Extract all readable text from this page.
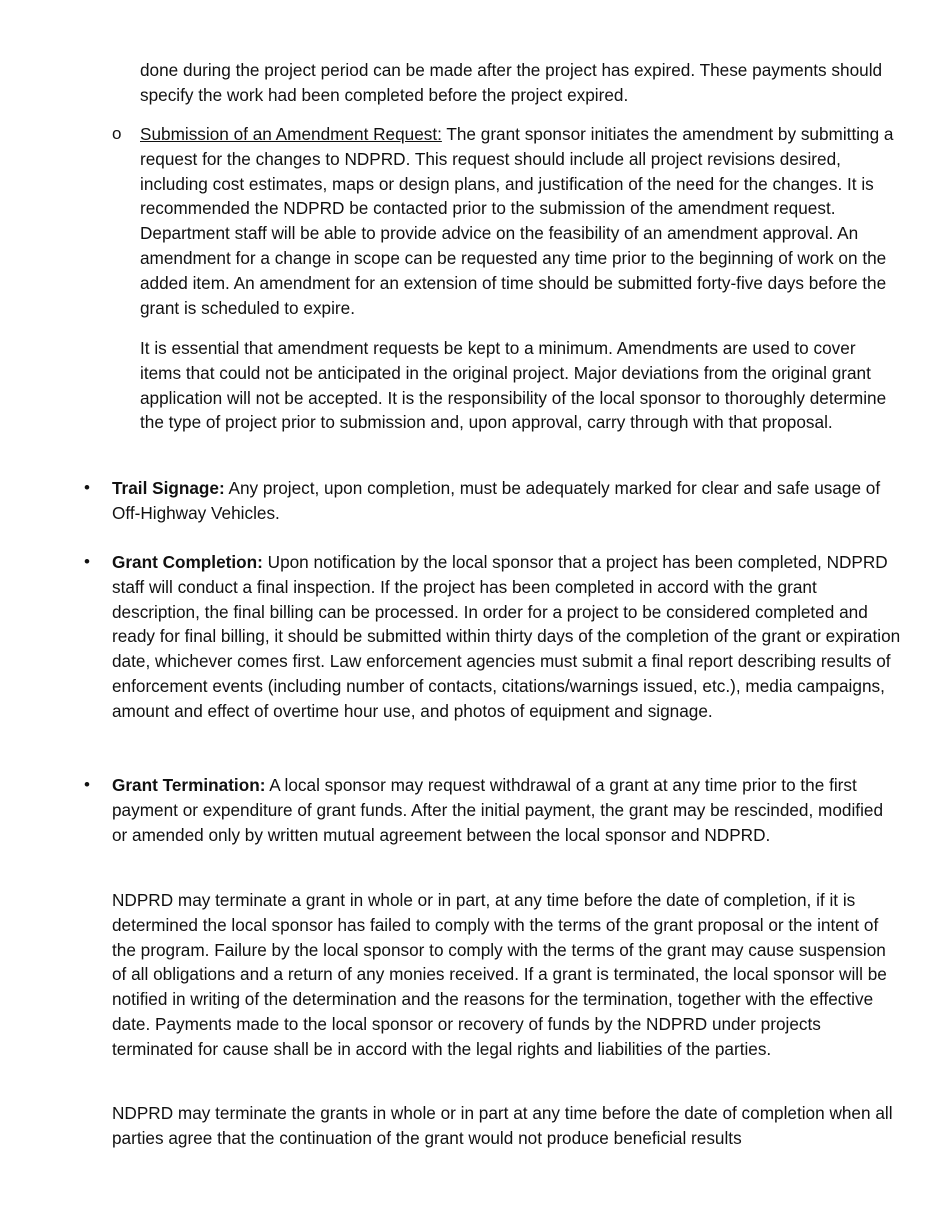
done during the project period can be made after the project has expired. These payments should specify the work had been completed before the project expired.

o Submission of an Amendment Request: The grant sponsor initiates the amendment by submitting a request for the changes to NDPRD. This request should include all project revisions desired, including cost estimates, maps or design plans, and justification of the need for the changes. It is recommended the NDPRD be contacted prior to the submission of the amendment request. Department staff will be able to provide advice on the feasibility of an amendment approval. An amendment for a change in scope can be requested any time prior to the beginning of work on the added item. An amendment for an extension of time should be submitted forty-five days before the grant is scheduled to expire.

It is essential that amendment requests be kept to a minimum. Amendments are used to cover items that could not be anticipated in the original project. Major deviations from the original grant application will not be accepted. It is the responsibility of the local sponsor to thoroughly determine the type of project prior to submission and, upon approval, carry through with that proposal.

• Trail Signage: Any project, upon completion, must be adequately marked for clear and safe usage of Off-Highway Vehicles.

• Grant Completion: Upon notification by the local sponsor that a project has been completed, NDPRD staff will conduct a final inspection. If the project has been completed in accord with the grant description, the final billing can be processed. In order for a project to be considered completed and ready for final billing, it should be submitted within thirty days of the completion of the grant or expiration date, whichever comes first. Law enforcement agencies must submit a final report describing results of enforcement events (including number of contacts, citations/warnings issued, etc.), media campaigns, amount and effect of overtime hour use, and photos of equipment and signage.

• Grant Termination: A local sponsor may request withdrawal of a grant at any time prior to the first payment or expenditure of grant funds. After the initial payment, the grant may be rescinded, modified or amended only by written mutual agreement between the local sponsor and NDPRD.

NDPRD may terminate a grant in whole or in part, at any time before the date of completion, if it is determined the local sponsor has failed to comply with the terms of the grant proposal or the intent of the program. Failure by the local sponsor to comply with the terms of the grant may cause suspension of all obligations and a return of any monies received. If a grant is terminated, the local sponsor will be notified in writing of the determination and the reasons for the termination, together with the effective date. Payments made to the local sponsor or recovery of funds by the NDPRD under projects terminated for cause shall be in accord with the legal rights and liabilities of the parties.

NDPRD may terminate the grants in whole or in part at any time before the date of completion when all parties agree that the continuation of the grant would not produce beneficial results
